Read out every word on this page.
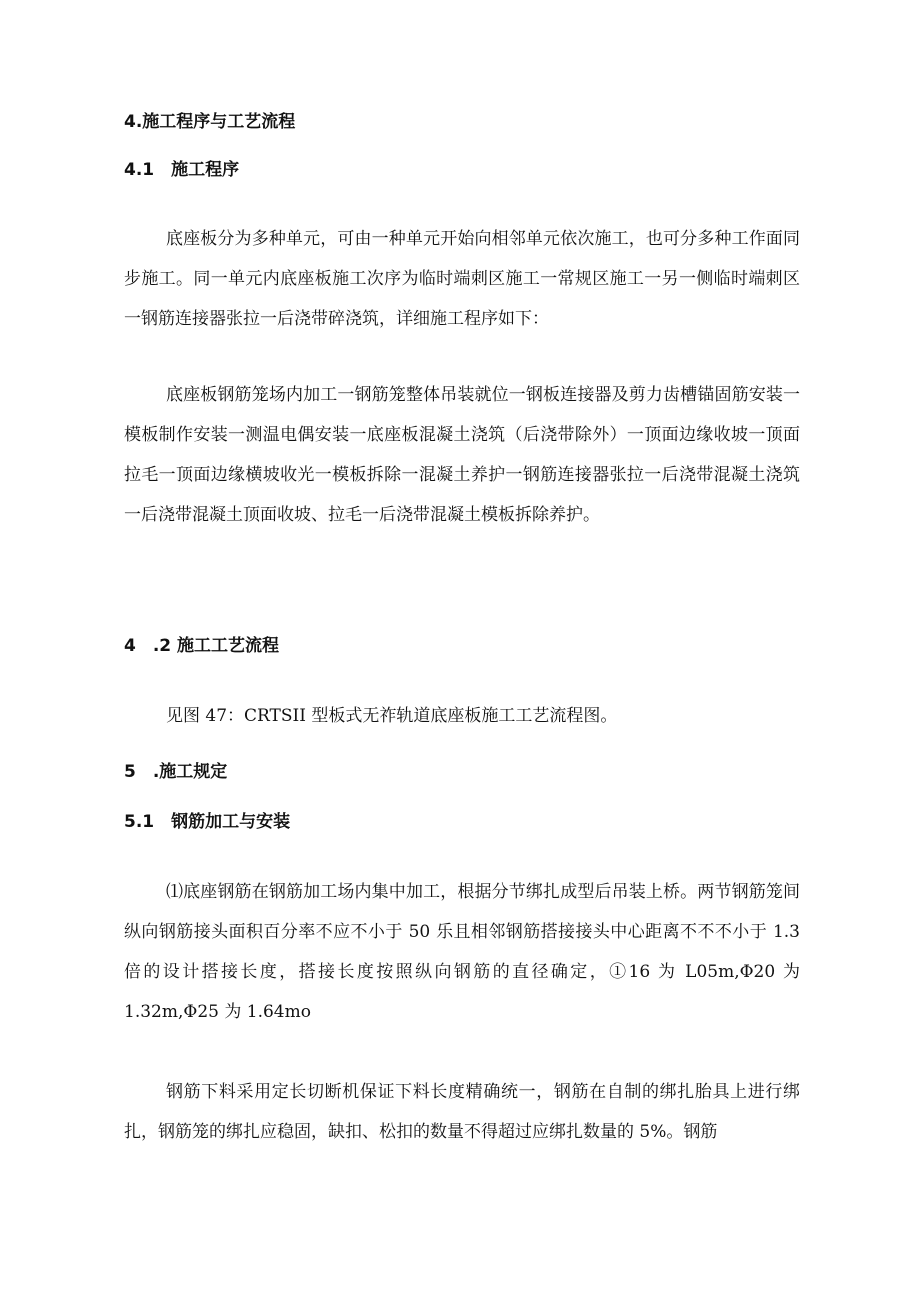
4.施工程序与工艺流程
4.1　施工程序

底座板分为多种单元，可由一种单元开始向相邻单元依次施工，也可分多种工作面同步施工。同一单元内底座板施工次序为临时端刺区施工一常规区施工一另一侧临时端刺区一钢筋连接器张拉一后浇带碎浇筑，详细施工程序如下：

底座板钢筋笼场内加工一钢筋笼整体吊装就位一钢板连接器及剪力齿槽锚固筋安装一模板制作安装一测温电偶安装一底座板混凝土浇筑（后浇带除外）一顶面边缘收坡一顶面拉毛一顶面边缘横坡收光一模板拆除一混凝土养护一钢筋连接器张拉一后浇带混凝土浇筑一后浇带混凝土顶面收坡、拉毛一后浇带混凝土模板拆除养护。

4　.2 施工工艺流程

见图 47：CRTSII 型板式无祚轨道底座板施工工艺流程图。

5　.施工规定
5.1　钢筋加工与安装

⑴底座钢筋在钢筋加工场内集中加工，根据分节绑扎成型后吊装上桥。两节钢筋笼间纵向钢筋接头面积百分率不应不小于 50 乐且相邻钢筋搭接接头中心距离不不不小于 1.3 倍的设计搭接长度，搭接长度按照纵向钢筋的直径确定，①16 为 L05m,Φ20 为 1.32m,Φ25 为 1.64mo

钢筋下料采用定长切断机保证下料长度精确统一，钢筋在自制的绑扎胎具上进行绑扎，钢筋笼的绑扎应稳固，缺扣、松扣的数量不得超过应绑扎数量的 5%。钢筋
